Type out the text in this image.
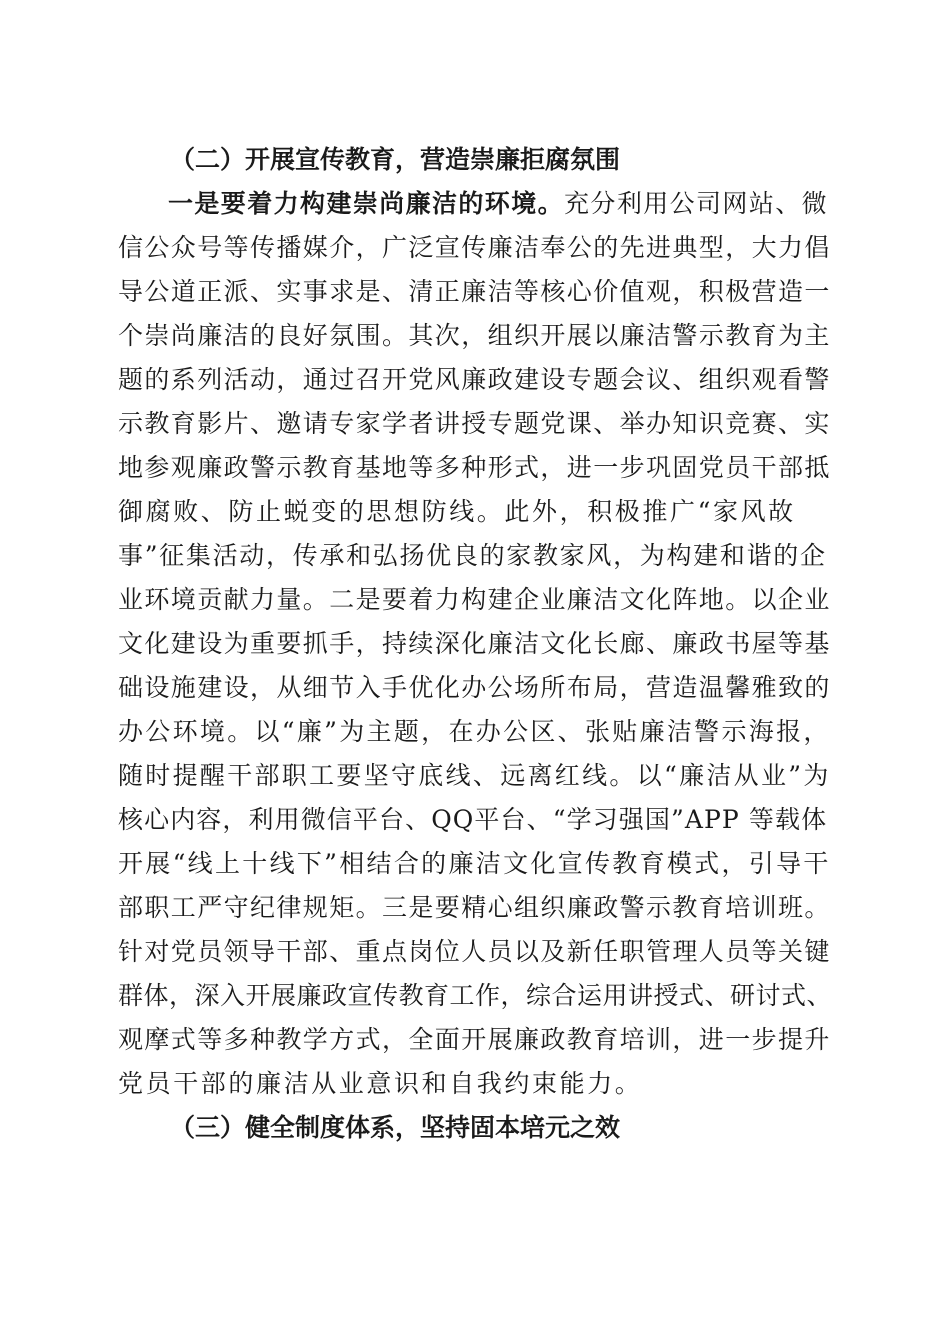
（二）开展宣传教育，营造崇廉拒腐氛围
一是要着力构建崇尚廉洁的环境。充分利用公司网站、微
信公众号等传播媒介，广泛宣传廉洁奉公的先进典型，大力倡
导公道正派、实事求是、清正廉洁等核心价值观，积极营造一
个崇尚廉洁的良好氛围。其次，组织开展以廉洁警示教育为主
题的系列活动，通过召开党风廉政建设专题会议、组织观看警
示教育影片、邀请专家学者讲授专题党课、举办知识竞赛、实
地参观廉政警示教育基地等多种形式，进一步巩固党员干部抵
御腐败、防止蜕变的思想防线。此外，积极推广“家风故
事”征集活动，传承和弘扬优良的家教家风，为构建和谐的企
业环境贡献力量。二是要着力构建企业廉洁文化阵地。以企业
文化建设为重要抓手，持续深化廉洁文化长廊、廉政书屋等基
础设施建设，从细节入手优化办公场所布局，营造温馨雅致的
办公环境。以“廉”为主题，在办公区、张贴廉洁警示海报，
随时提醒干部职工要坚守底线、远离红线。以“廉洁从业”为
核心内容，利用微信平台、QQ平台、“学习强国”APP 等载体
开展“线上十线下”相结合的廉洁文化宣传教育模式，引导干
部职工严守纪律规矩。三是要精心组织廉政警示教育培训班。
针对党员领导干部、重点岗位人员以及新任职管理人员等关键
群体，深入开展廉政宣传教育工作，综合运用讲授式、研讨式、
观摩式等多种教学方式，全面开展廉政教育培训，进一步提升
党员干部的廉洁从业意识和自我约束能力。
（三）健全制度体系，坚持固本培元之效
